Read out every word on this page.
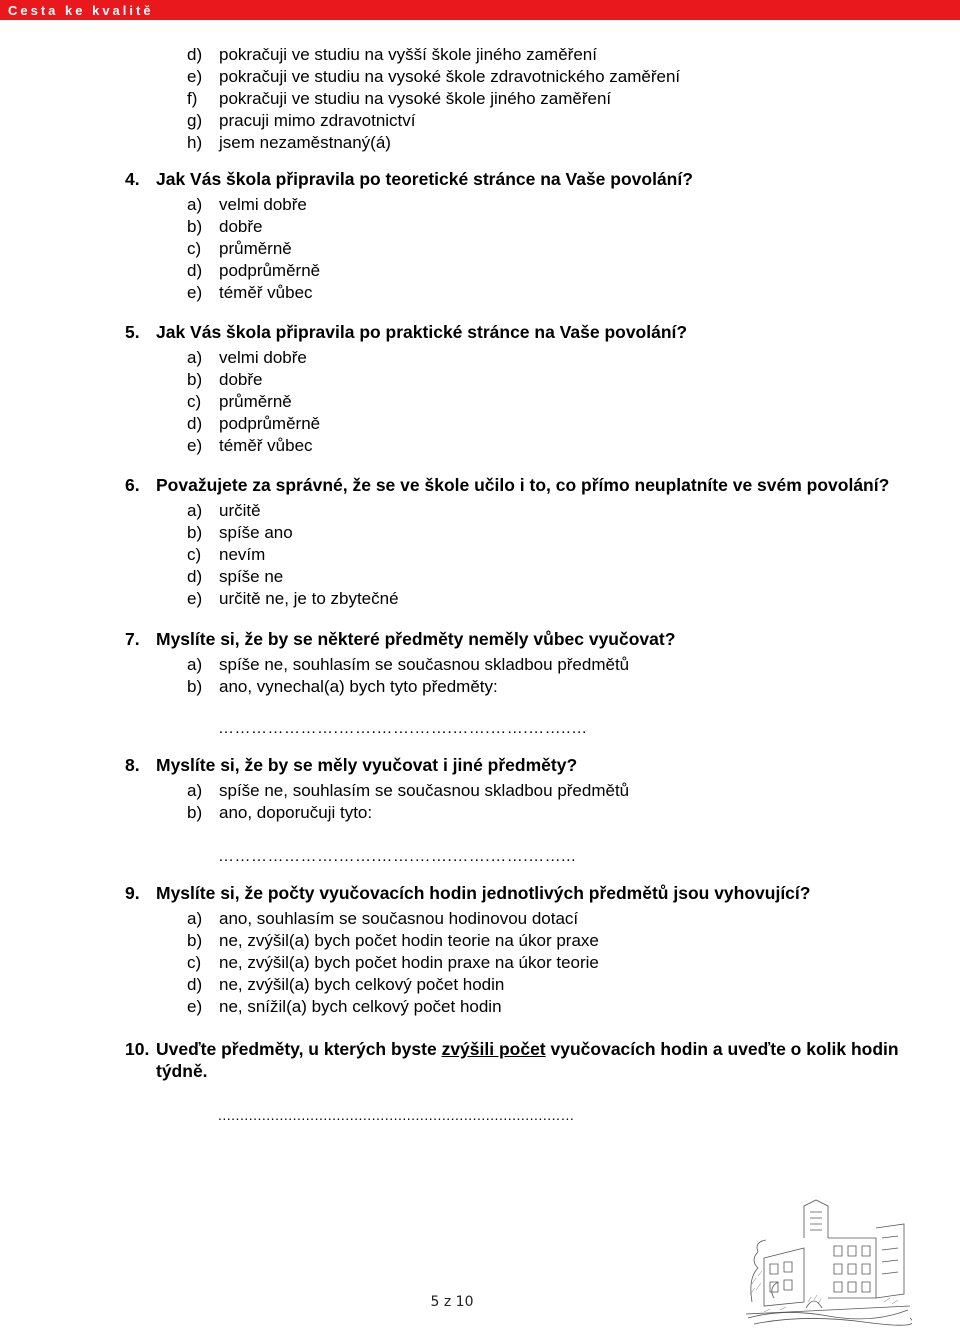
Cesta ke kvalitě
d) pokračuji ve studiu na vyšší škole jiného zaměření
e) pokračuji ve studiu na vysoké škole zdravotnického zaměření
f)	pokračuji ve studiu na vysoké škole jiného zaměření
g) pracuji mimo zdravotnictví
h) jsem nezaměstnaný(á)
4. Jak Vás škola připravila po teoretické stránce na Vaše povolání?
a) velmi dobře
b) dobře
c)	průměrně
d) podprůměrně
e) téměř vůbec
5. Jak Vás škola připravila po praktické stránce na Vaše povolání?
a) velmi dobře
b) dobře
c)	průměrně
d) podprůměrně
e) téměř vůbec
6. Považujete za správné, že se ve škole učilo i to, co přímo neuplatníte ve svém povolání?
a) určitě
b) spíše ano
c)	nevím
d) spíše ne
e) určitě ne, je to zbytečné
7. Myslíte si, že by se některé předměty neměly vůbec vyučovat?
a) spíše ne, souhlasím se současnou skladbou předmětů
b) ano, vynechal(a) bych tyto předměty:
………………….…….…….…….…….…….……..…
8. Myslíte si, že by se měly vyučovat i jiné předměty?
a) spíše ne, souhlasím se současnou skladbou předmětů
b) ano, doporučuji tyto:
………………….…….…….…….…….…….……...
9. Myslíte si, že počty vyučovacích hodin jednotlivých předmětů jsou vyhovující?
a) ano, souhlasím se současnou hodinovou dotací
b) ne, zvýšil(a) bych počet hodin teorie na úkor praxe
c)	ne, zvýšil(a) bych počet hodin praxe na úkor teorie
d) ne, zvýšil(a) bych celkový počet hodin
e) ne, snížil(a) bych celkový počet hodin
10. Uveďte předměty, u kterých byste zvýšili počet vyučovacích hodin a uveďte o kolik hodin týdně.
..............................................................................…
5 z 10
